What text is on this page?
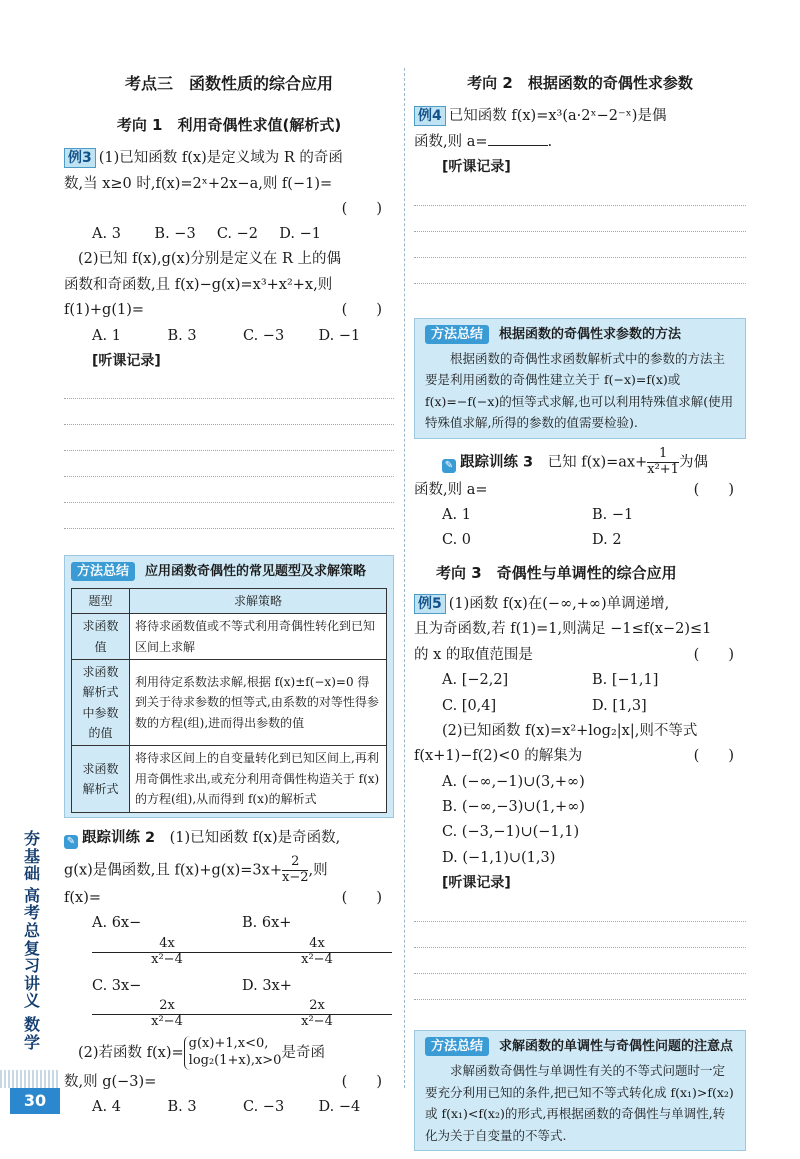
考点三　函数性质的综合应用
考向 1　利用奇偶性求值(解析式)

例3 (1)已知函数 f(x)是定义域为 R 的奇函

数,当 x≥0 时,f(x)=2ˣ+2x−a,则 f(−1)=

(　　)

A. 3	B. −3	C. −2	D. −1

(2)已知 f(x),g(x)分别是定义在 R 上的偶

函数和奇函数,且 f(x)−g(x)=x³+x²+x,则

f(1)+g(1)=	(　　)

A. 1	B. 3	C. −3	D. −1
[听课记录]
方法总结 应用函数奇偶性的常见题型及求解策略
题型	求解策略
求函数值	将待求函数值或不等式利用奇偶性转化到已知区间上求解
求函数解析式中参数的值	利用待定系数法求解,根据 f(x)±f(−x)=0 得到关于待求参数的恒等式,由系数的对等性得参数的方程(组),进而得出参数的值
求函数解析式	将待求区间上的自变量转化到已知区间上,再利用奇偶性求出,或充分利用奇偶性构造关于 f(x)的方程(组),从而得到 f(x)的解析式

✎ 跟踪训练 2　 (1)已知函数 f(x)是奇函数,

g(x)是偶函数,且 $f(x)+g(x)=3x+ \frac{2}{x-2}$ ,则

f(x)=	(　　)

A. 6x−
$\frac{4x}{\text{x²−4}}$
B. 6x+
$\frac{4x}{\text{x²−4}}$
C. 3x−
$\frac{2x}{\text{x²−4}}$
D. 3x+
$\frac{2x}{\text{x²−4}}$

(2)若函数 f(x)=
g(x)+1,x<0,
log₂(1+x),x>0 是奇函

数,则 g(−3)=	(　　)

A. 4	B. 3	C. −3	D. −4
考向 2　根据函数的奇偶性求参数

例4 已知函数 f(x)=x³(a·2ˣ−2⁻ˣ)是偶

函数,则 a=	.

[听课记录]
方法总结 根据函数的奇偶性求参数的方法
根据函数的奇偶性求函数解析式中的参数的方法主要是利用函数的奇偶性建立关于 f(−x)=f(x)或 f(x)=−f(−x)的恒等式求解,也可以利用特殊值求解(使用特殊值求解,所得的参数的值需要检验).

✎ 跟踪训练 3　 已知 $f(x)=ax+ \frac{1}{\text{x²+1}}$ 为偶

函数,则 a=	(　　)

A. 1	B. −1
C. 0	D. 2
考向 3　奇偶性与单调性的综合应用

例5 (1)函数 f(x)在(−∞,+∞)单调递增,

且为奇函数,若 f(1)=1,则满足 −1≤f(x−2)≤1

的 x 的取值范围是	(　　)

A. [−2,2]	B. [−1,1]
C. [0,4]	D. [1,3]

(2)已知函数 f(x)=x²+log₂|x|,则不等式

f(x+1)−f(2)<0 的解集为	(　　)

A. (−∞,−1)∪(3,+∞)
B. (−∞,−3)∪(1,+∞)
C. (−3,−1)∪(−1,1)
D. (−1,1)∪(1,3)
[听课记录]
方法总结 求解函数的单调性与奇偶性问题的注意点
求解函数奇偶性与单调性有关的不等式问题时一定要充分利用已知的条件,把已知不等式转化成 f(x₁)>f(x₂)或 f(x₁)<f(x₂)的形式,再根据函数的奇偶性与单调性,转化为关于自变量的不等式.
夯基础
高考总复习讲义
数学
30
